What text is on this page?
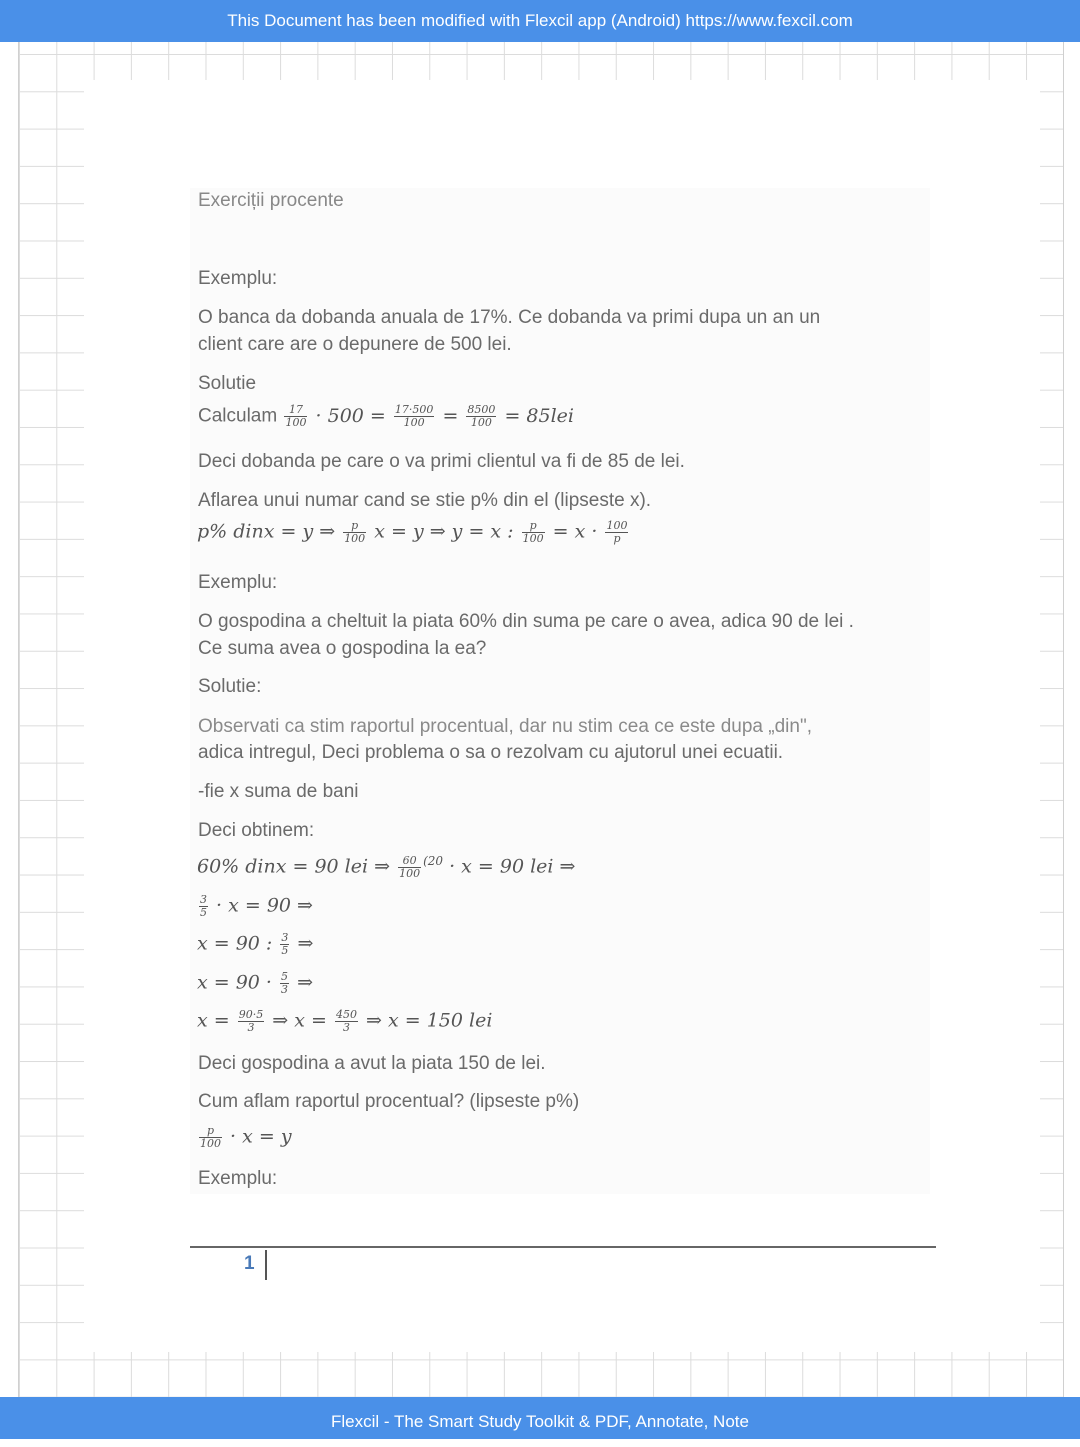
This Document has been modified with Flexcil app (Android) https://www.fexcil.com
Exerciții procente
Exemplu:
O banca da dobanda anuala de 17%. Ce dobanda va primi dupa un an un
client care are o depunere de 500 lei.
Solutie
Calculam $\frac{17}{100} \cdot 500 = \frac{17\cdot 500}{100} = \frac{8500}{100} = 85lei$
Deci dobanda pe care o va primi clientul va fi de 85 de lei.
Aflarea unui numar cand se stie p% din el (lipseste x).
p% dinx = y ⇒ $\frac{p}{100}$ x = y ⇒ y = x : $\frac{p}{100} = x \cdot \frac{100}{p}$
Exemplu:
O gospodina a cheltuit la piata 60% din suma pe care o avea, adica 90 de lei .
Ce suma avea o gospodina la ea?
Solutie:
Observati ca stim raportul procentual, dar nu stim cea ce este dupa „din",
adica intregul, Deci problema o sa o rezolvam cu ajutorul unei ecuatii.
-fie x suma de bani
Deci obtinem:
60% dinx = 90 lei ⇒ $\frac{60}{100} ^{(20} \cdot x = 90$ lei ⇒
$\frac{3}{5} \cdot x = 90$ ⇒
x = 90 : $\frac{3}{5}$ ⇒
$x = 90 \cdot \frac{5}{3}$ ⇒
$x = \frac{90\cdot 5}{3}$ ⇒ $x = \frac{450}{3}$ ⇒ x = 150 lei
Deci gospodina a avut la piata 150 de lei.
Cum aflam raportul procentual? (lipseste p%)
$\frac{p}{100} \cdot x = y$
Exemplu:
1
Flexcil - The Smart Study Toolkit & PDF, Annotate, Note
